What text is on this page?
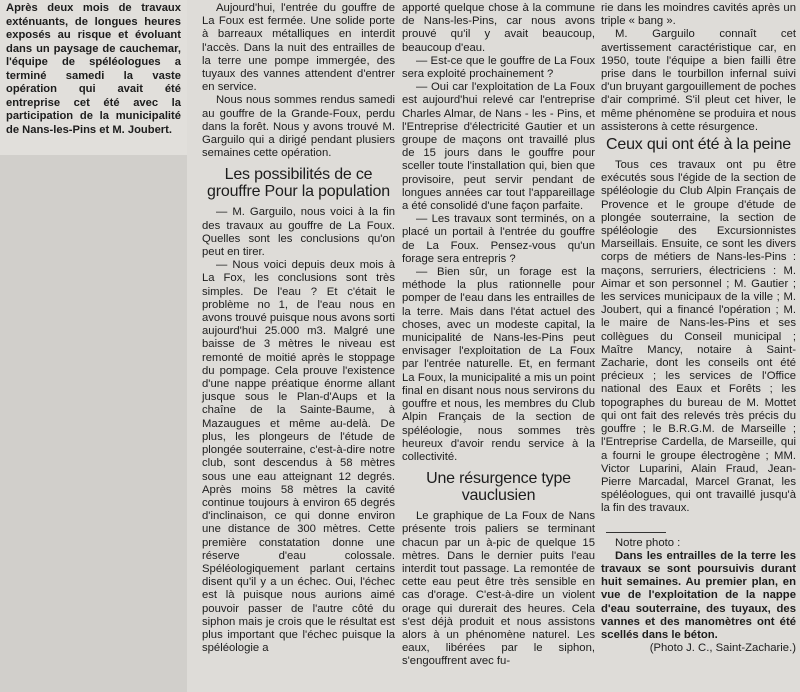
Après deux mois de travaux exténuants, de longues heures exposés au risque et évoluant dans un paysage de cauchemar, l'équipe de spéléologues a terminé samedi la vaste opération qui avait été entreprise cet été avec la participation de la municipalité de Nans-les-Pins et M. Joubert.

Aujourd'hui, l'entrée du gouffre de La Foux est fermée. Une solide porte à barreaux métalliques en interdit l'accès. Dans la nuit des entrailles de la terre une pompe immergée, des tuyaux des vannes attendent d'entrer en service.

Nous nous sommes rendus samedi au gouffre de la Grande-Foux, perdu dans la forêt. Nous y avons trouvé M. Garguilo qui a dirigé pendant plusiers semaines cette opération.

Les possibilités de ce grouffre Pour la population

— M. Garguilo, nous voici à la fin des travaux au gouffre de La Foux. Quelles sont les conclusions qu'on peut en tirer.

— Nous voici depuis deux mois à La Fox, les conclusions sont très simples. De l'eau ? Et c'était le problème no 1, de l'eau nous en avons trouvé puisque nous avons sorti aujourd'hui 25.000 m3. Malgré une baisse de 3 mètres le niveau est remonté de moitié après le stoppage du pompage. Cela prouve l'existence d'une nappe préatique énorme allant jusque sous le Plan-d'Aups et la chaîne de la Sainte-Baume, à Mazaugues et même au-delà. De plus, les plongeurs de l'étude de plongée souterraine, c'est-à-dire notre club, sont descendus à 58 mètres sous une eau atteignant 12 degrés. Après moins 58 mètres la cavité continue toujours à environ 65 degrés d'inclinaison, ce qui donne environ une distance de 300 mètres. Cette première constatation donne une réserve d'eau colossale. Spéléologiquement parlant certains disent qu'il y a un échec. Oui, l'échec est là puisque nous aurions aimé pouvoir passer de l'autre côté du siphon mais je crois que le résultat est plus important que l'échec puisque la spéléologie a

apporté quelque chose à la commune de Nans-les-Pins, car nous avons prouvé qu'il y avait beaucoup, beaucoup d'eau.

— Est-ce que le gouffre de La Foux sera exploité prochainement ?

— Oui car l'exploitation de La Foux est aujourd'hui relevé car l'entreprise Charles Almar, de Nans - les - Pins, et l'Entreprise d'électricité Gautier et un groupe de maçons ont travaillé plus de 15 jours dans le gouffre pour sceller toute l'installation qui, bien que provisoire, peut servir pendant de longues années car tout l'appareillage a été consolidé d'une façon parfaite.

— Les travaux sont terminés, on a placé un portail à l'entrée du gouffre de La Foux. Pensez-vous qu'un forage sera entrepris ?

— Bien sûr, un forage est la méthode la plus rationnelle pour pomper de l'eau dans les entrailles de la terre. Mais dans l'état actuel des choses, avec un modeste capital, la municipalité de Nans-les-Pins peut envisager l'exploitation de La Foux par l'entrée naturelle. Et, en fermant La Foux, la municipalité a mis un point final en disant nous nous servirons du gouffre et nous, les membres du Club Alpin Français de la section de spéléologie, nous sommes très heureux d'avoir rendu service à la collectivité.

Une résurgence type vauclusien

Le graphique de La Foux de Nans présente trois paliers se terminant chacun par un à-pic de quelque 15 mètres. Dans le dernier puits l'eau interdit tout passage. La remontée de cette eau peut être très sensible en cas d'orage. C'est-à-dire un violent orage qui durerait des heures. Cela s'est déjà produit et nous assistons alors à un phénomène naturel. Les eaux, libérées par le siphon, s'engouffrent avec fu-

rie dans les moindres cavités après un triple « bang ».

M. Garguilo connaît cet avertissement caractéristique car, en 1950, toute l'équipe a bien failli être prise dans le tourbillon infernal suivi d'un bruyant gargouillement de poches d'air comprimé. S'il pleut cet hiver, le même phénomène se produira et nous assisterons à cette résurgence.

Ceux qui ont été à la peine

Tous ces travaux ont pu être exécutés sous l'égide de la section de spéléologie du Club Alpin Français de Provence et le groupe d'étude de plongée souterraine, la section de spéléologie des Excursionnistes Marseillais. Ensuite, ce sont les divers corps de métiers de Nans-les-Pins : maçons, serruriers, électriciens : M. Aimar et son personnel ; M. Gautier ; les services municipaux de la ville ; M. Joubert, qui a financé l'opération ; M. le maire de Nans-les-Pins et ses collègues du Conseil municipal ; Maître Mancy, notaire à Saint-Zacharie, dont les conseils ont été précieux ; les services de l'Office national des Eaux et Forêts ; les topographes du bureau de M. Mottet qui ont fait des relevés très précis du gouffre ; le B.R.G.M. de Marseille ; l'Entreprise Cardella, de Marseille, qui a fourni le groupe électrogène ; MM. Victor Luparini, Alain Fraud, Jean-Pierre Marcadal, Marcel Granat, les spéléologues, qui ont travaillé jusqu'à la fin des travaux.

Notre photo :

Dans les entrailles de la terre les travaux se sont poursuivis durant huit semaines. Au premier plan, en vue de l'exploitation de la nappe d'eau souterraine, des tuyaux, des vannes et des manomètres ont été scellés dans le béton.

(Photo J. C., Saint-Zacharie.)
